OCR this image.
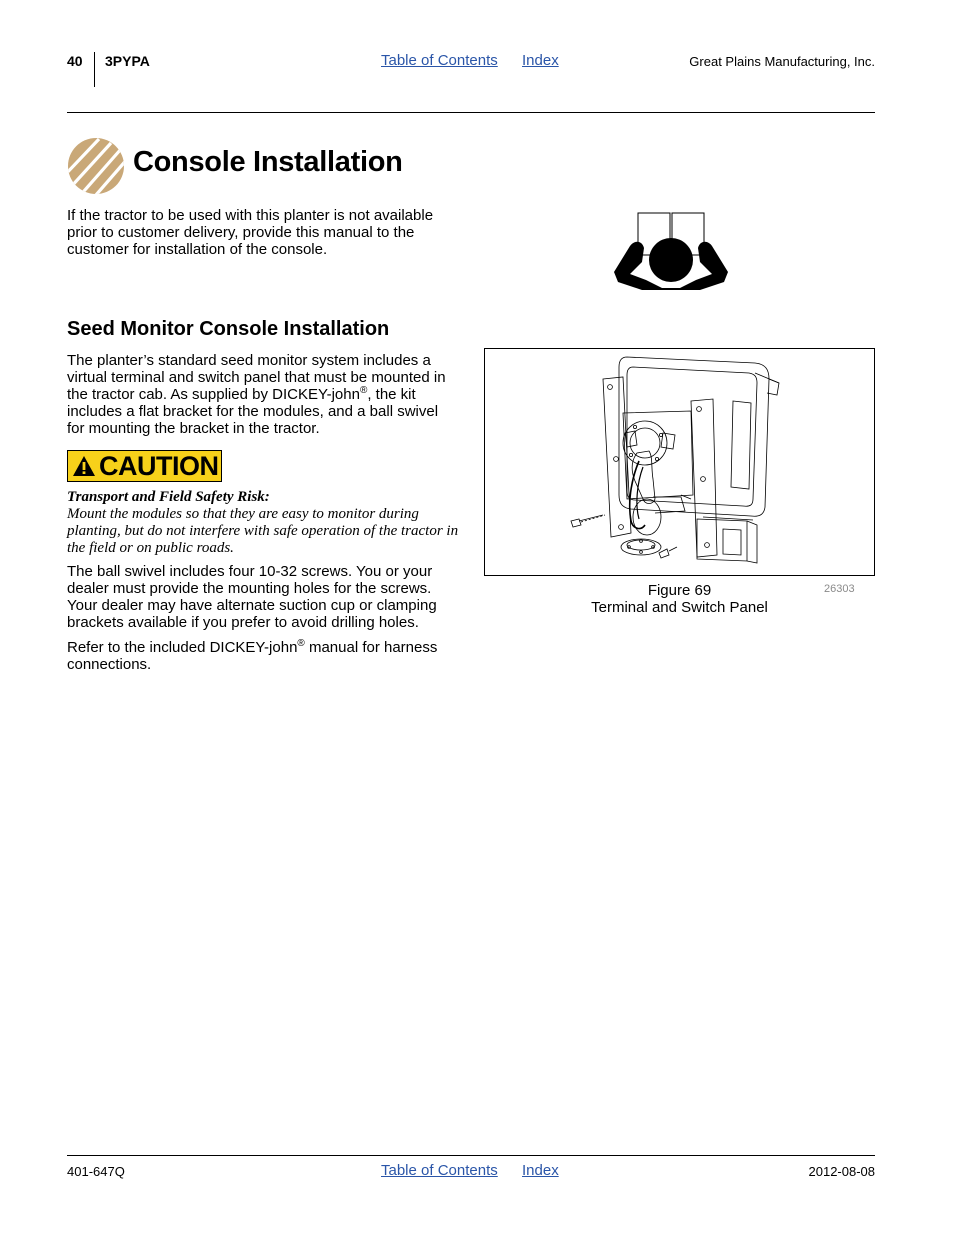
40 3PYPA	Table of Contents Index	Great Plains Manufacturing, Inc.
Console Installation
If the tractor to be used with this planter is not available prior to customer delivery, provide this manual to the customer for installation of the console.
Seed Monitor Console Installation
The planter’s standard seed monitor system includes a virtual terminal and switch panel that must be mounted in the tractor cab. As supplied by DICKEY-john®, the kit includes a flat bracket for the modules, and a ball swivel for mounting the bracket in the tractor.
CAUTION
Transport and Field Safety Risk:
Mount the modules so that they are easy to monitor during planting, but do not interfere with safe operation of the tractor in the field or on public roads.
The ball swivel includes four 10-32 screws. You or your dealer must provide the mounting holes for the screws. Your dealer may have alternate suction cup or clamping brackets available if you prefer to avoid drilling holes.
Refer to the included DICKEY-john® manual for harness connections.
Figure 69
Terminal and Switch Panel
26303
401-647Q	Table of Contents Index	2012-08-08
